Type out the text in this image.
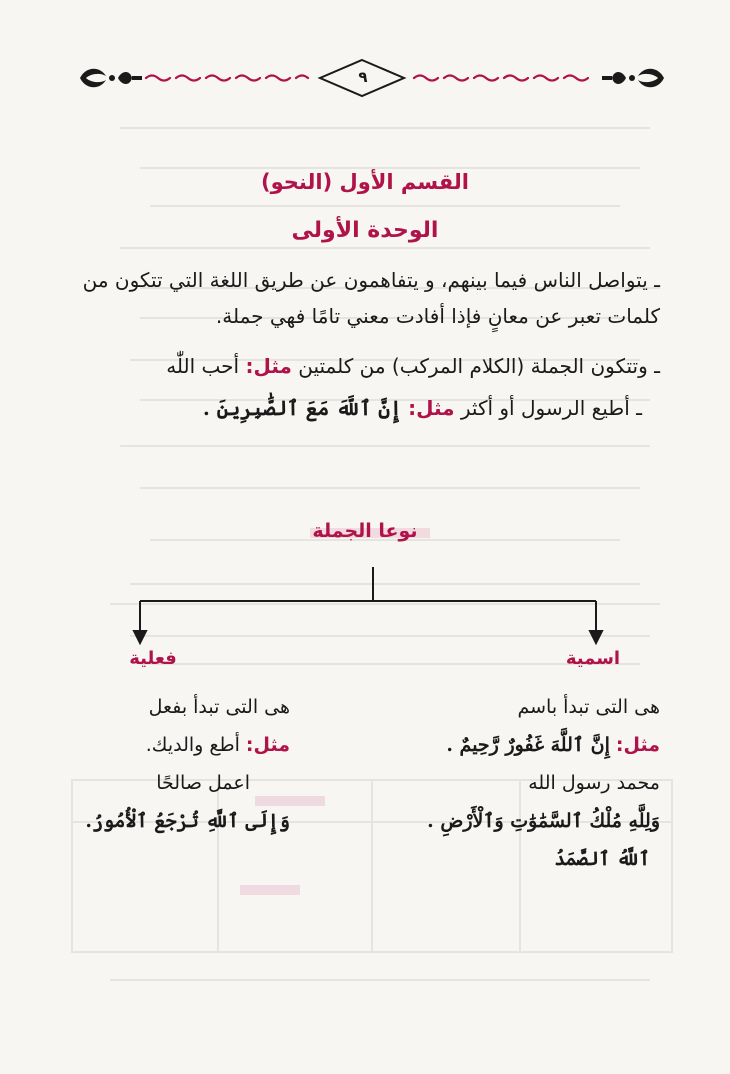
٩
القسم الأول (النحو)
الوحدة الأولى
ـ يتواصل الناس فيما بينهم، و يتفاهمون عن طريق اللغة التي تتكون من
كلمات تعبر عن معانٍ فإذا أفادت معني تامًا فهي جملة.
ـ وتتكون الجملة (الكلام المركب) من كلمتين مثل: أحب اللّٰه
ـ أطيع الرسول أو أكثر مثل: إِنَّ ٱللَّهَ مَعَ ٱلصَّٰبِرِينَ .
نوعا الجملة
فعلية	اسمية
هى التى تبدأ بفعل
مثل: أطع والديك.
اعمل صالحًا
وَإِلَى ٱللَّهِ تُرْجَعُ ٱلْأُمُورُ.
هى التى تبدأ باسم
مثل: إِنَّ ٱللَّهَ غَفُورٌ رَّحِيمٌ .
محمد رسول الله
وَلِلَّهِ مُلْكُ ٱلسَّمَٰوَٰتِ وَٱلْأَرْضِ .
ٱللَّهُ ٱلصَّمَدُ
